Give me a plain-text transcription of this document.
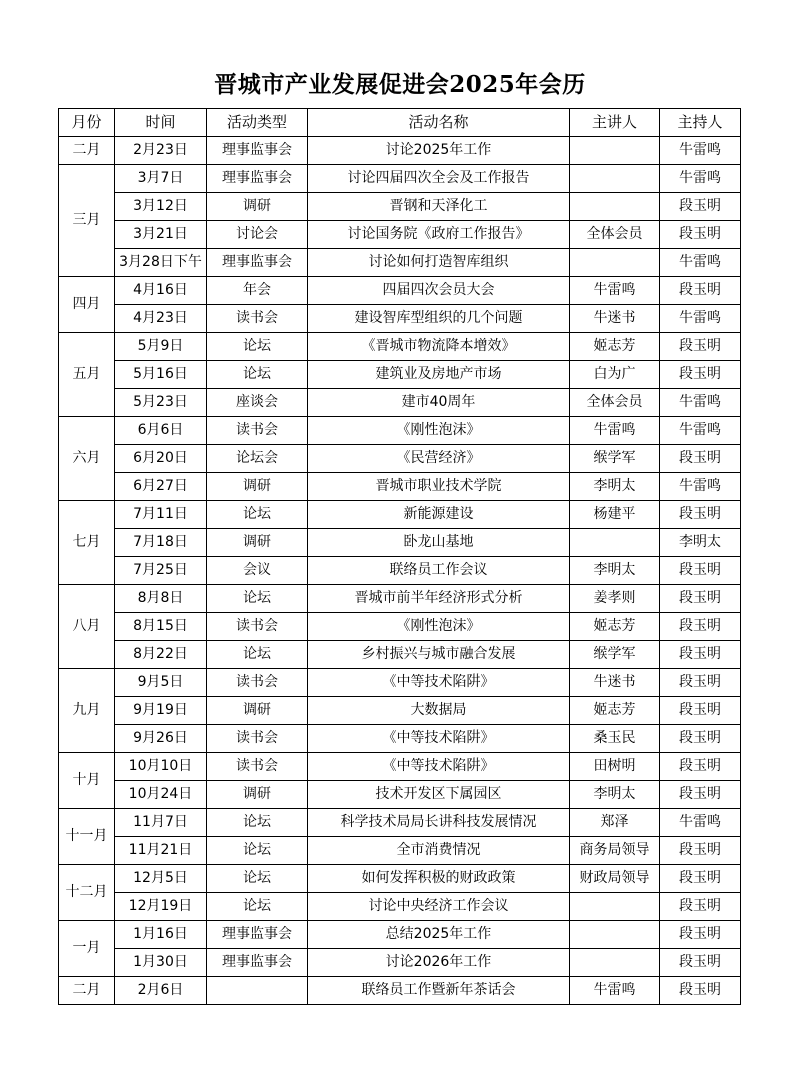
晋城市产业发展促进会2025年会历
月份	时间	活动类型	活动名称	主讲人	主持人
二月	2月23日	理事监事会	讨论2025年工作		牛雷鸣
三月	3月7日	理事监事会	讨论四届四次全会及工作报告		牛雷鸣
	3月12日	调研	晋钢和天泽化工		段玉明
	3月21日	讨论会	讨论国务院《政府工作报告》	全体会员	段玉明
	3月28日下午	理事监事会	讨论如何打造智库组织		牛雷鸣
四月	4月16日	年会	四届四次会员大会	牛雷鸣	段玉明
	4月23日	读书会	建设智库型组织的几个问题	牛迷书	牛雷鸣
五月	5月9日	论坛	《晋城市物流降本增效》	姬志芳	段玉明
	5月16日	论坛	建筑业及房地产市场	白为广	段玉明
	5月23日	座谈会	建市40周年	全体会员	牛雷鸣
六月	6月6日	读书会	《刚性泡沫》	牛雷鸣	牛雷鸣
	6月20日	论坛会	《民营经济》	缑学军	段玉明
	6月27日	调研	晋城市职业技术学院	李明太	牛雷鸣
七月	7月11日	论坛	新能源建设	杨建平	段玉明
	7月18日	调研	卧龙山基地		李明太
	7月25日	会议	联络员工作会议	李明太	段玉明
八月	8月8日	论坛	晋城市前半年经济形式分析	姜孝则	段玉明
	8月15日	读书会	《刚性泡沫》	姬志芳	段玉明
	8月22日	论坛	乡村振兴与城市融合发展	缑学军	段玉明
九月	9月5日	读书会	《中等技术陷阱》	牛迷书	段玉明
	9月19日	调研	大数据局	姬志芳	段玉明
	9月26日	读书会	《中等技术陷阱》	桑玉民	段玉明
十月	10月10日	读书会	《中等技术陷阱》	田树明	段玉明
	10月24日	调研	技术开发区下属园区	李明太	段玉明
十一月	11月7日	论坛	科学技术局局长讲科技发展情况	郑泽	牛雷鸣
	11月21日	论坛	全市消费情况	商务局领导	段玉明
十二月	12月5日	论坛	如何发挥积极的财政政策	财政局领导	段玉明
	12月19日	论坛	讨论中央经济工作会议		段玉明
一月	1月16日	理事监事会	总结2025年工作		段玉明
	1月30日	理事监事会	讨论2026年工作		段玉明
二月	2月6日		联络员工作暨新年茶话会	牛雷鸣	段玉明
